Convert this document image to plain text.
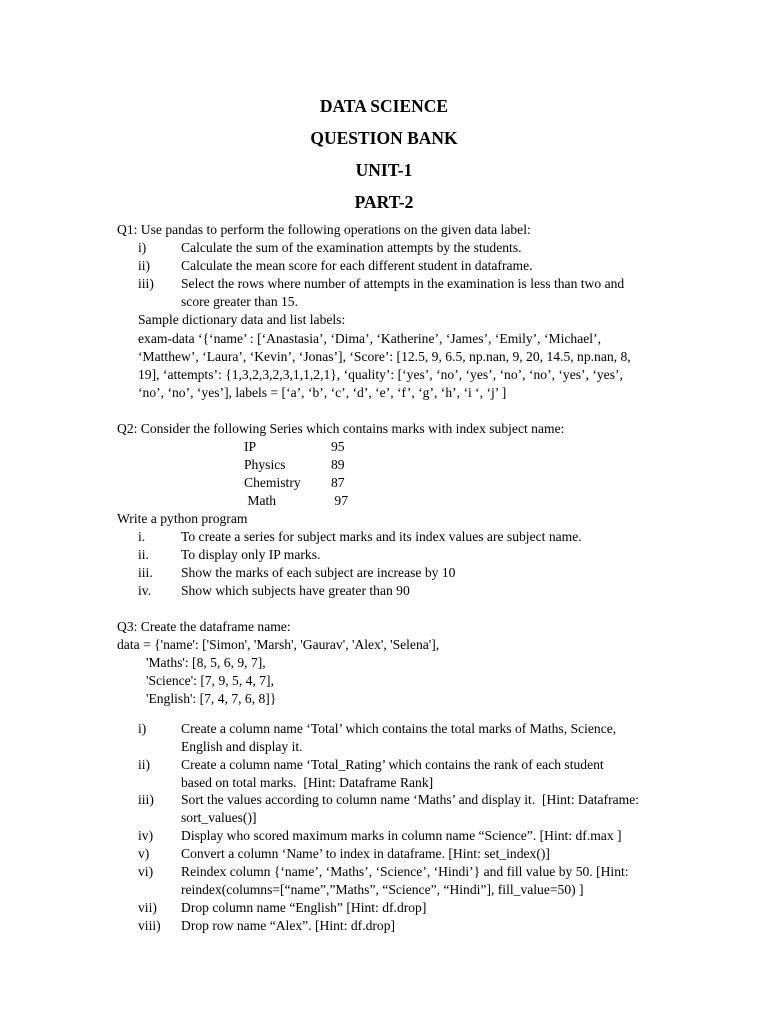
DATA SCIENCE
QUESTION BANK
UNIT-1
PART-2
Q1: Use pandas to perform the following operations on the given data label:
i)	Calculate the sum of the examination attempts by the students.
ii) Calculate the mean score for each different student in dataframe.
iii) Select the rows where number of attempts in the examination is less than two and
score greater than 15.
Sample dictionary data and list labels:
exam-data ‘{‘name’ : [‘Anastasia’, ‘Dima’, ‘Katherine’, ‘James’, ‘Emily’, ‘Michael’,
‘Matthew’, ‘Laura’, ‘Kevin’, ‘Jonas’], ‘Score’: [12.5, 9, 6.5, np.nan, 9, 20, 14.5, np.nan, 8,
19], ‘attempts’: {1,3,2,3,2,3,1,1,2,1}, ‘quality’: [‘yes’, ‘no’, ‘yes’, ‘no’, ‘no’, ‘yes’, ‘yes’,
‘no’, ‘no’, ‘yes’], labels = [‘a’, ‘b’, ‘c’, ‘d’, ‘e’, ‘f’, ‘g’, ‘h’, ‘i ‘, ‘j’ ]
Q2: Consider the following Series which contains marks with index subject name:
IP	95
Physics	89
Chemistry 87
Math	97
Write a python program
i.	To create a series for subject marks and its index values are subject name.
ii. To display only IP marks.
iii. Show the marks of each subject are increase by 10
iv. Show which subjects have greater than 90
Q3: Create the dataframe name:
data = {'name': ['Simon', 'Marsh', 'Gaurav', 'Alex', 'Selena'],
'Maths': [8, 5, 6, 9, 7],
'Science': [7, 9, 5, 4, 7],
'English': [7, 4, 7, 6, 8]}
i)	Create a column name ‘Total’ which contains the total marks of Maths, Science,
English and display it.
ii) Create a column name ‘Total_Rating’ which contains the rank of each student
based on total marks.  [Hint: Dataframe Rank]
iii) Sort the values according to column name ‘Maths’ and display it.  [Hint: Dataframe:
sort_values()]
iv) Display who scored maximum marks in column name “Science”. [Hint: df.max ]
v) Convert a column ‘Name’ to index in dataframe. [Hint: set_index()]
vi) Reindex column {‘name’, ‘Maths’, ‘Science’, ‘Hindi’} and fill value by 50. [Hint:
reindex(columns=[“name”,”Maths”, “Science”, “Hindi”], fill_value=50) ]
vii) Drop column name “English” [Hint: df.drop]
viii) Drop row name “Alex”. [Hint: df.drop]
